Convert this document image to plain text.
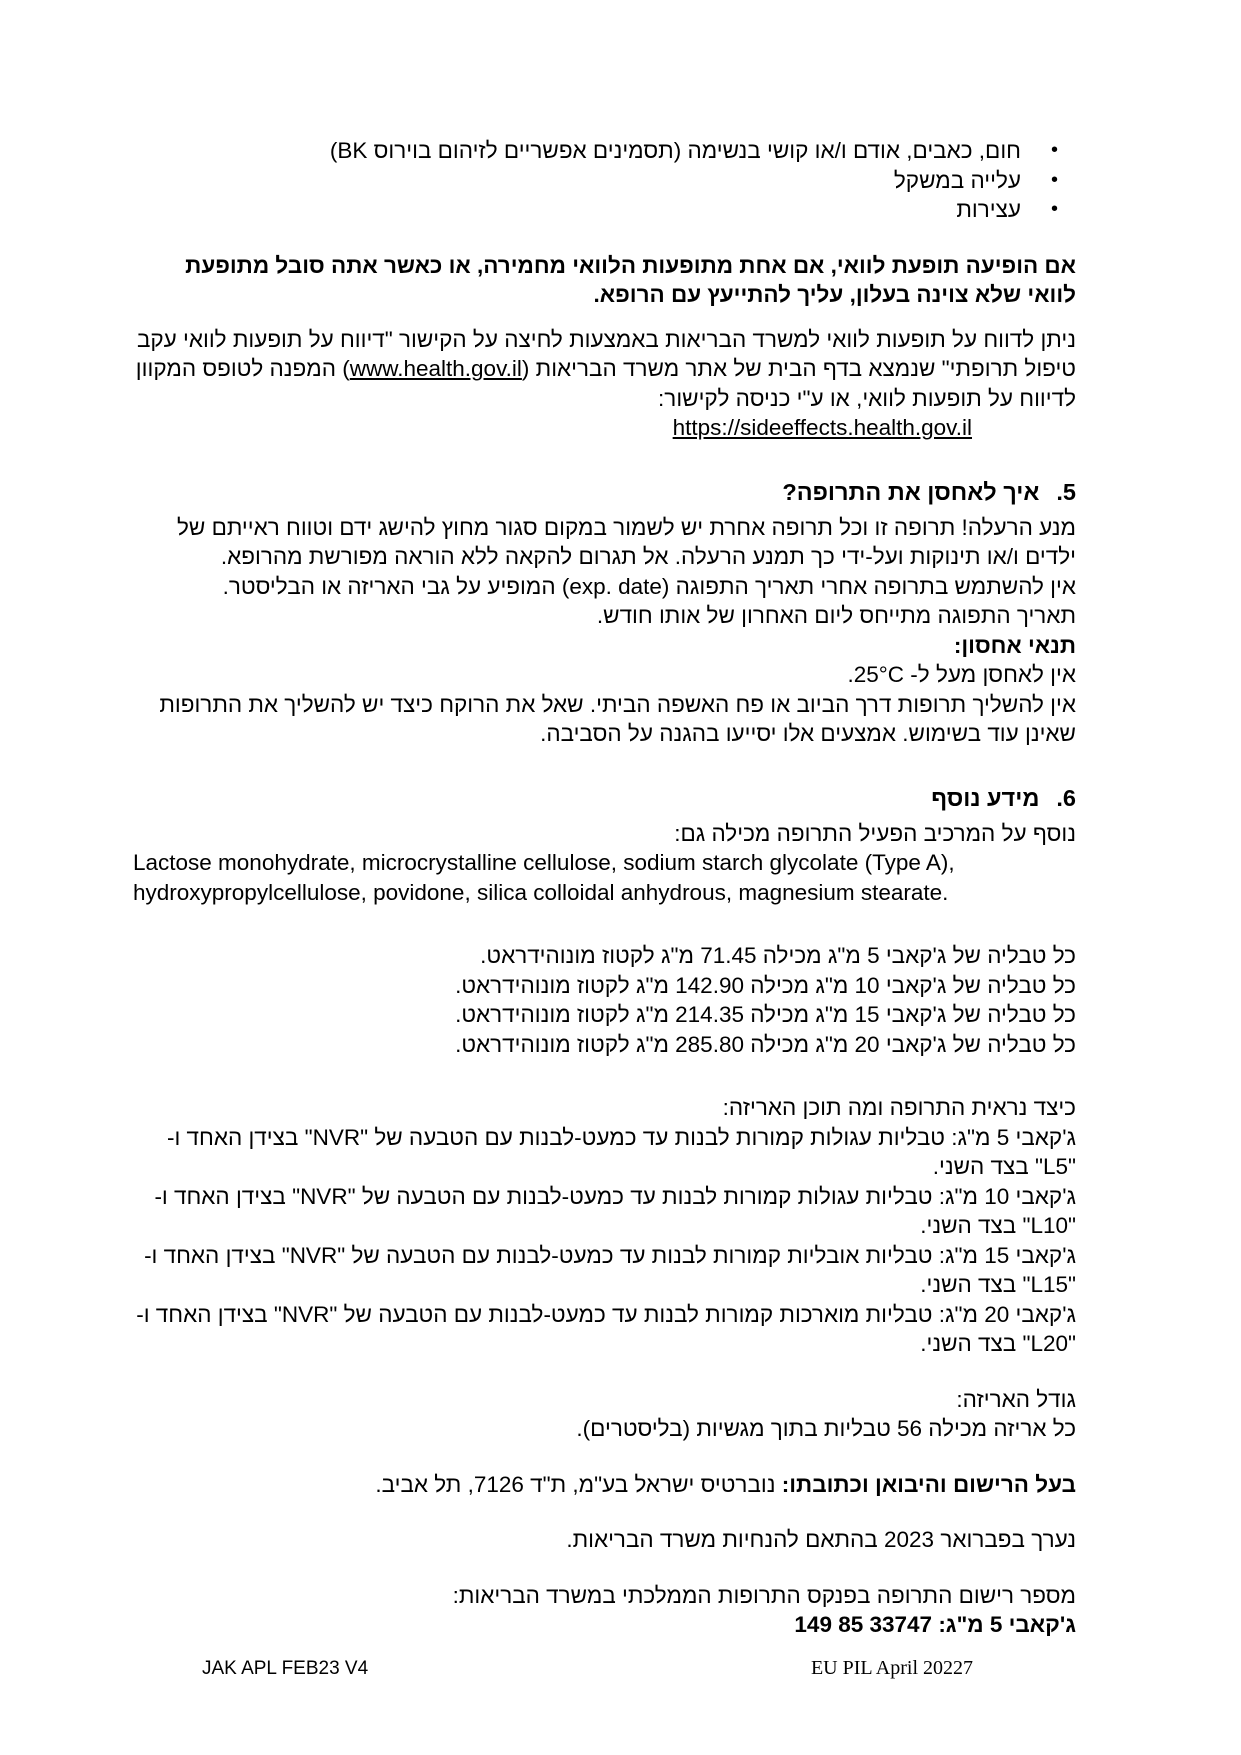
•
חום, כאבים, אודם ו/או קושי בנשימה (תסמינים אפשריים לזיהום בוירוס BK)
•
עלייה במשקל
•
עצירות

אם הופיעה תופעת לוואי, אם אחת מתופעות הלוואי מחמירה, או כאשר אתה סובל מתופעת לוואי שלא צוינה בעלון, עליך להתייעץ עם הרופא.

ניתן לדווח על תופעות לוואי למשרד הבריאות באמצעות לחיצה על הקישור "דיווח על תופעות לוואי עקב טיפול תרופתי" שנמצא בדף הבית של אתר משרד הבריאות (www.health.gov.il) המפנה לטופס המקוון לדיווח על תופעות לוואי, או ע"י כניסה לקישור:

https://sideeffects.health.gov.il

5.איך לאחסן את התרופה?

מנע הרעלה! תרופה זו וכל תרופה אחרת יש לשמור במקום סגור מחוץ להישג ידם וטווח ראייתם של ילדים ו/או תינוקות ועל-ידי כך תמנע הרעלה. אל תגרום להקאה ללא הוראה מפורשת מהרופא.

אין להשתמש בתרופה אחרי תאריך התפוגה (exp. date) המופיע על גבי האריזה או הבליסטר.

תאריך התפוגה מתייחס ליום האחרון של אותו חודש.

תנאי אחסון:

אין לאחסן מעל ל- 25°C.

אין להשליך תרופות דרך הביוב או פח האשפה הביתי. שאל את הרוקח כיצד יש להשליך את התרופות שאינן עוד בשימוש. אמצעים אלו יסייעו בהגנה על הסביבה.

6.מידע נוסף

נוסף על המרכיב הפעיל התרופה מכילה גם:

Lactose monohydrate, microcrystalline cellulose, sodium starch glycolate (Type A), hydroxypropylcellulose, povidone, silica colloidal anhydrous, magnesium stearate.

כל טבליה של ג'קאבי 5 מ"ג מכילה 71.45 מ"ג לקטוז מונוהידראט.

כל טבליה של ג'קאבי 10 מ"ג מכילה 142.90 מ"ג לקטוז מונוהידראט.

כל טבליה של ג'קאבי 15 מ"ג מכילה 214.35 מ"ג לקטוז מונוהידראט.

כל טבליה של ג'קאבי 20 מ"ג מכילה 285.80 מ"ג לקטוז מונוהידראט.

כיצד נראית התרופה ומה תוכן האריזה:

ג'קאבי 5 מ"ג: טבליות עגולות קמורות לבנות עד כמעט-לבנות עם הטבעה של "NVR" בצידן האחד ו- "L5" בצד השני.

ג'קאבי 10 מ"ג: טבליות עגולות קמורות לבנות עד כמעט-לבנות עם הטבעה של "NVR" בצידן האחד ו- "L10" בצד השני.

ג'קאבי 15 מ"ג: טבליות אובליות קמורות לבנות עד כמעט-לבנות עם הטבעה של "NVR" בצידן האחד ו- "L15" בצד השני.

ג'קאבי 20 מ"ג: טבליות מוארכות קמורות לבנות עד כמעט-לבנות עם הטבעה של "NVR" בצידן האחד ו- "L20" בצד השני.

גודל האריזה:

כל אריזה מכילה 56 טבליות בתוך מגשיות (בליסטרים).

בעל הרישום והיבואן וכתובתו: נוברטיס ישראל בע"מ, ת"ד 7126, תל אביב.

נערך בפברואר 2023 בהתאם להנחיות משרד הבריאות.

מספר רישום התרופה בפנקס התרופות הממלכתי במשרד הבריאות:

ג'קאבי 5 מ"ג: 149 85 33747

JAK APL FEB23 V4	EU PIL April 2022 7
